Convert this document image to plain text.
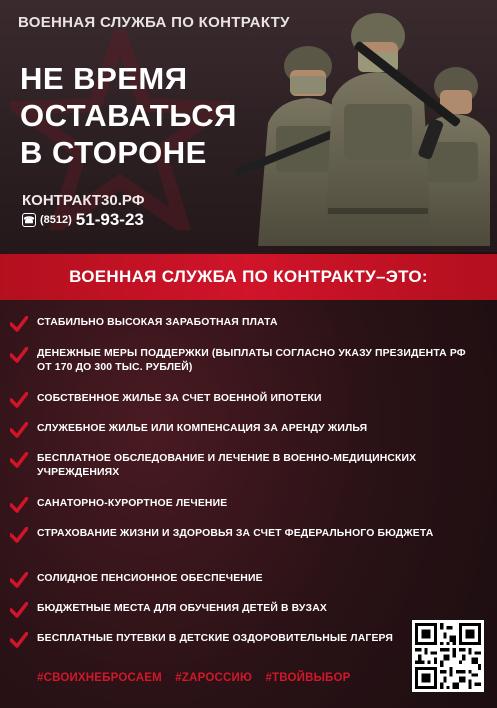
ВОЕННАЯ СЛУЖБА ПО КОНТРАКТУ
НЕ ВРЕМЯ
ОСТАВАТЬСЯ
В СТОРОНЕ
КОНТРАКТ30.РФ
☎ (8512) 51-93-23
ВОЕННАЯ СЛУЖБА ПО КОНТРАКТУ–ЭТО:
СТАБИЛЬНО ВЫСОКАЯ ЗАРАБОТНАЯ ПЛАТА
ДЕНЕЖНЫЕ МЕРЫ ПОДДЕРЖКИ (ВЫПЛАТЫ СОГЛАСНО УКАЗУ ПРЕЗИДЕНТА РФ ОТ 170 ДО 300 ТЫС. РУБЛЕЙ)
СОБСТВЕННОЕ ЖИЛЬЕ ЗА СЧЕТ ВОЕННОЙ ИПОТЕКИ
СЛУЖЕБНОЕ ЖИЛЬЕ ИЛИ КОМПЕНСАЦИЯ ЗА АРЕНДУ ЖИЛЬЯ
БЕСПЛАТНОЕ ОБСЛЕДОВАНИЕ И ЛЕЧЕНИЕ В ВОЕННО-МЕДИЦИНСКИХ УЧРЕЖДЕНИЯХ
САНАТОРНО-КУРОРТНОЕ ЛЕЧЕНИЕ
СТРАХОВАНИЕ ЖИЗНИ И ЗДОРОВЬЯ ЗА СЧЕТ ФЕДЕРАЛЬНОГО БЮДЖЕТА
СОЛИДНОЕ ПЕНСИОННОЕ ОБЕСПЕЧЕНИЕ
БЮДЖЕТНЫЕ МЕСТА ДЛЯ ОБУЧЕНИЯ ДЕТЕЙ В ВУЗАХ
БЕСПЛАТНЫЕ ПУТЕВКИ В ДЕТСКИЕ ОЗДОРОВИТЕЛЬНЫЕ ЛАГЕРЯ
#СВОИХНЕБРОСАЕМ #ZAРОССИЮ #ТВОЙВЫБОР
